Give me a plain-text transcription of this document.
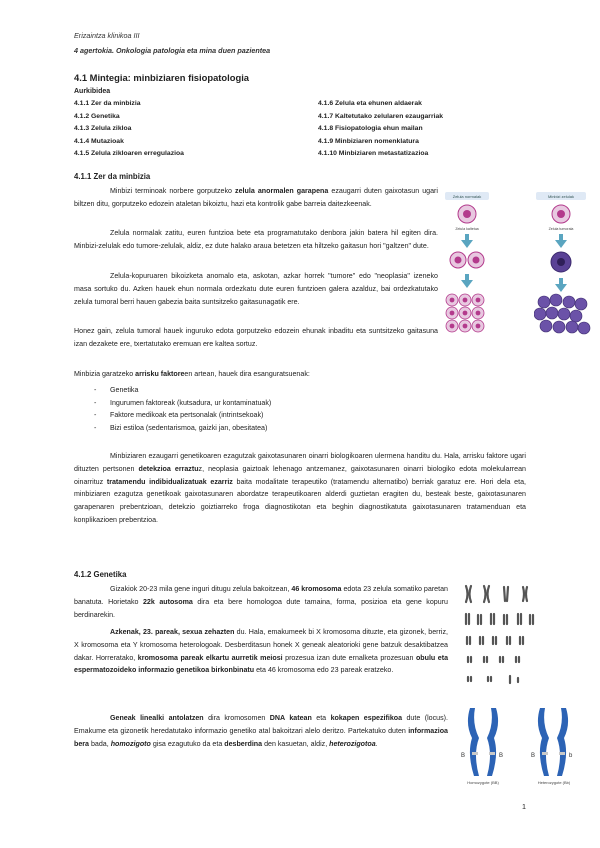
Erizaintza klinikoa III
4 agertokia. Onkologia patologia eta mina duen pazientea
4.1 Mintegia: minbiziaren fisiopatologia
Aurkibidea
4.1.1 Zer da minbizia
4.1.2 Genetika
4.1.3 Zelula zikloa
4.1.4 Mutazioak
4.1.5 Zelula zikloaren erregulazioa
4.1.6 Zelula eta ehunen aldaerak
4.1.7 Kaltetutako zelularen ezaugarriak
4.1.8 Fisiopatologia ehun mailan
4.1.9 Minbiziaren nomenklatura
4.1.10 Minbiziaren metastatizazioa
4.1.1 Zer da minbizia
Minbizi terminoak norbere gorputzeko zelula anormalen garapena ezaugarri duten gaixotasun ugari biltzen ditu, gorputzeko edozein ataletan bikoiztu, hazi eta kontrolik gabe barreia daitezkeenak.
Zelula normalak zatitu, euren funtzioa bete eta programatutako denbora jakin batera hil egiten dira. Minbizi-zelulak edo tumore-zelulak, aldiz, ez dute halako araua betetzen eta hiltzeko gaitasun hori "galtzen" dute.
Zelula-kopuruaren bikoizketa anomalo eta, askotan, azkar horrek "tumore" edo "neoplasia" izeneko masa sortuko du. Azken hauek ehun normala ordezkatu dute euren funtzioen galera azalduz, bai ordezkatutako zelula tumoral berri hauen gabezia baita suntsitzeko gaitasunagatik ere.
Honez gain, zelula tumoral hauek inguruko edota gorputzeko edozein ehunak inbaditu eta suntsitzeko gaitasuna izan dezakete ere, txertatutako eremuan ere kaltea sortuz.
Zelula normalak
Zelula kaltetua
Minbizi zelulak
Zelula tumorala
Minbizia garatzeko arrisku faktoreen artean, hauek dira esanguratsuenak:
- Genetika
- Ingurumen faktoreak (kutsadura, ur kontaminatuak)
- Faktore medikoak eta pertsonalak (intrintsekoak)
- Bizi estiloa (sedentarismoa, gaizki jan, obesitatea)
Minbiziaren ezaugarri genetikoaren ezagutzak gaixotasunaren oinarri biologikoaren ulermena handitu du. Hala, arrisku faktore ugari dituzten pertsonen detekzioa erraztuz, neoplasia gaiztoak lehenago antzemanez, gaixotasunaren oinarri biologiko edota molekularrean oinarrituz tratamendu indibidualizatuak ezarriz baita modalitate terapeutiko (tratamendu alternatibo) berriak garatuz ere. Hori dela eta, minbiziaren ezagutza genetikoak gaixotasunaren abordatze terapeutikoaren alderdi guztietan eragiten du, besteak beste, gaixotasunaren garapenaren prebentzioan, detekzio goiztiarreko froga diagnostikotan eta beghin diagnostikatuta gaixotasunaren tratamenduan eta konplikazioen prebentzioa.
4.1.2 Genetika
Gizakiok 20-23 mila gene inguri ditugu zelula bakoitzean, 46 kromosoma edota 23 zelula somatiko paretan banatuta. Horietako 22k autosoma dira eta bere homologoa dute tamaina, forma, posizioa eta gene kopuru berdinarekin.
Azkenak, 23. pareak, sexua zehazten du. Hala, emakumeek bi X kromosoma dituzte, eta gizonek, berriz, X kromosoma eta Y kromosoma heterologoak. Desberditasun honek X geneak aleatorioki gene batzuk desaktibatzea dakar. Horreratako, kromosoma pareak elkartu aurretik meiosi prozesua izan dute ernalketa prozesuan obulu eta espermatozoideko informazio genetikoa birkonbinatu eta 46 kromosoma edo 23 pareak eratzeko.
Geneak linealki antolatzen dira kromosomen DNA katean eta kokapen espezifikoa dute (locus). Emakume eta gizonetik heredatutako informazio genetiko atal bakoitzari alelo deritzo. Partekatuko duten informazioa bera bada, homozigoto gisa ezagutuko da eta desberdina den kasuetan, aldiz, heterozigotoa.
B	B	B	b
Homozygote (BB)	Heterozygote (Bb)
1
